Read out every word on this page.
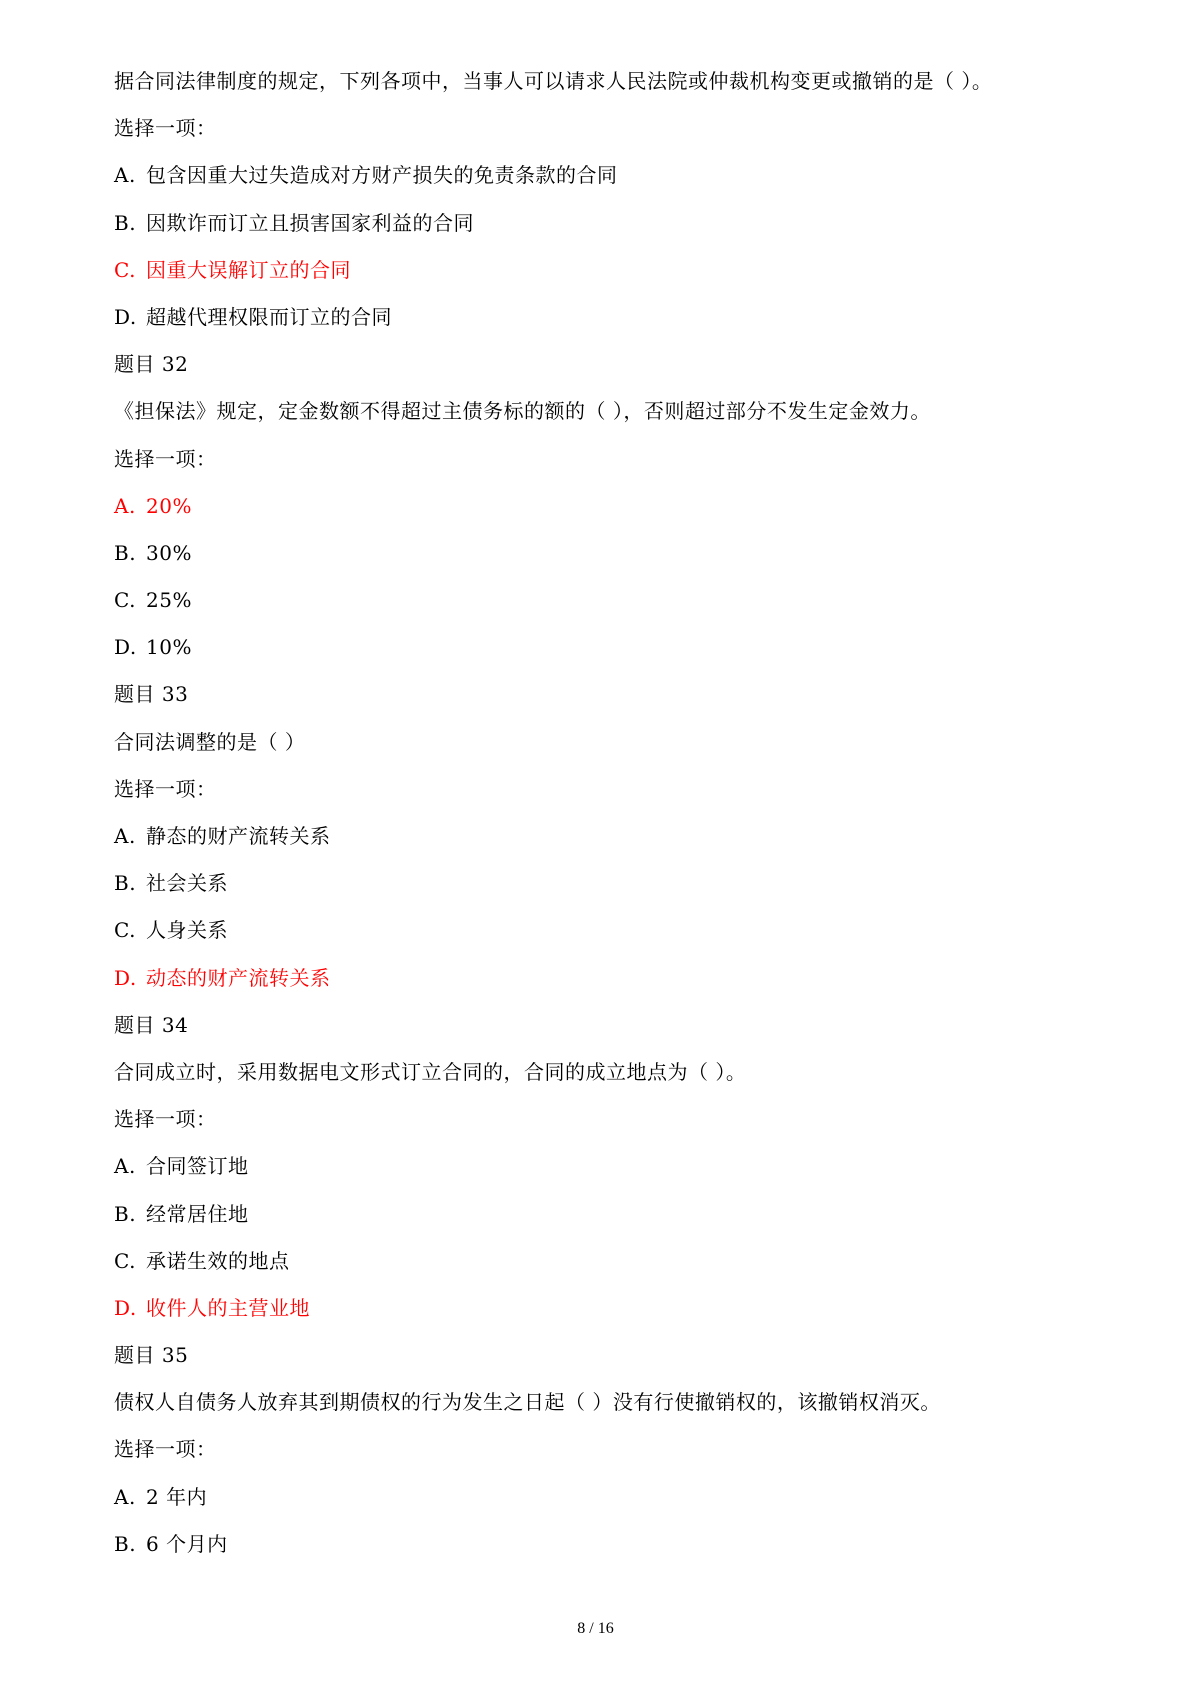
据合同法律制度的规定，下列各项中，当事人可以请求人民法院或仲裁机构变更或撤销的是（ ）。
选择一项：
A. 包含因重大过失造成对方财产损失的免责条款的合同
B. 因欺诈而订立且损害国家利益的合同
C. 因重大误解订立的合同
D. 超越代理权限而订立的合同
题目 32
《担保法》规定，定金数额不得超过主债务标的额的（ ），否则超过部分不发生定金效力。
选择一项：
A. 20%
B. 30%
C. 25%
D. 10%
题目 33
合同法调整的是（ ）
选择一项：
A. 静态的财产流转关系
B. 社会关系
C. 人身关系
D. 动态的财产流转关系
题目 34
合同成立时，采用数据电文形式订立合同的，合同的成立地点为（ ）。
选择一项：
A. 合同签订地
B. 经常居住地
C. 承诺生效的地点
D. 收件人的主营业地
题目 35
债权人自债务人放弃其到期债权的行为发生之日起（ ）没有行使撤销权的，该撤销权消灭。
选择一项：
A. 2 年内
B. 6 个月内
8 / 16
